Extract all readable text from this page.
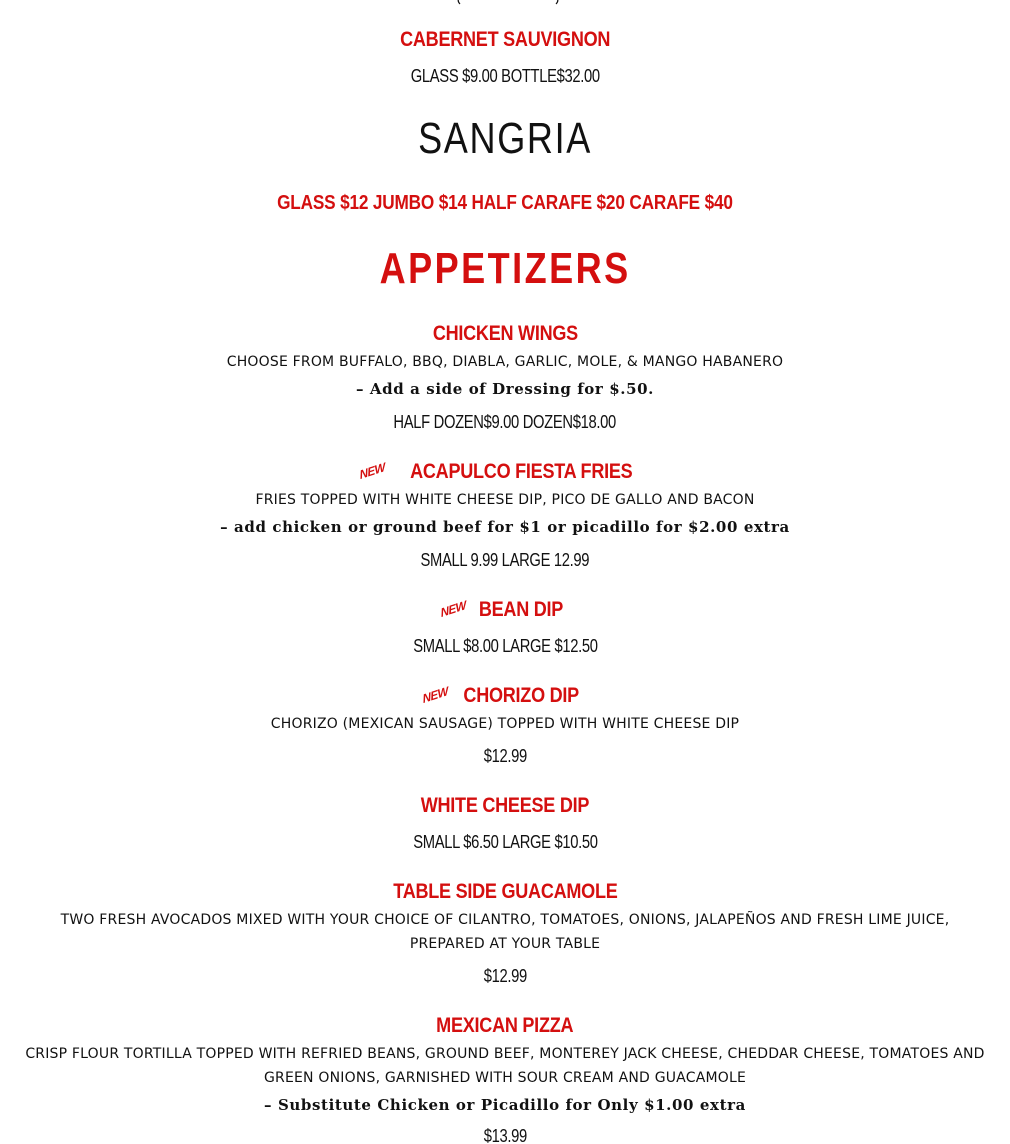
CABERNET SAUVIGNON
GLASS $9.00 BOTTLE$32.00
SANGRIA
GLASS $12 JUMBO $14 HALF CARAFE $20 CARAFE $40
APPETIZERS
CHICKEN WINGS
CHOOSE FROM BUFFALO, BBQ, DIABLA, GARLIC, MOLE, & MANGO HABANERO
– Add a side of Dressing for $.50.
HALF DOZEN$9.00 DOZEN$18.00
NEW ACAPULCO FIESTA FRIES
FRIES TOPPED WITH WHITE CHEESE DIP, PICO DE GALLO AND BACON
– add chicken or ground beef for $1 or picadillo for $2.00 extra
SMALL 9.99 LARGE 12.99
NEW BEAN DIP
SMALL $8.00 LARGE $12.50
NEW CHORIZO DIP
CHORIZO (MEXICAN SAUSAGE) TOPPED WITH WHITE CHEESE DIP
$12.99
WHITE CHEESE DIP
SMALL $6.50 LARGE $10.50
TABLE SIDE GUACAMOLE
TWO FRESH AVOCADOS MIXED WITH YOUR CHOICE OF CILANTRO, TOMATOES, ONIONS, JALAPEÑOS AND FRESH LIME JUICE,
PREPARED AT YOUR TABLE
$12.99
MEXICAN PIZZA
CRISP FLOUR TORTILLA TOPPED WITH REFRIED BEANS, GROUND BEEF, MONTEREY JACK CHEESE, CHEDDAR CHEESE, TOMATOES AND
GREEN ONIONS, GARNISHED WITH SOUR CREAM AND GUACAMOLE
– Substitute Chicken or Picadillo for Only $1.00 extra
$13.99
